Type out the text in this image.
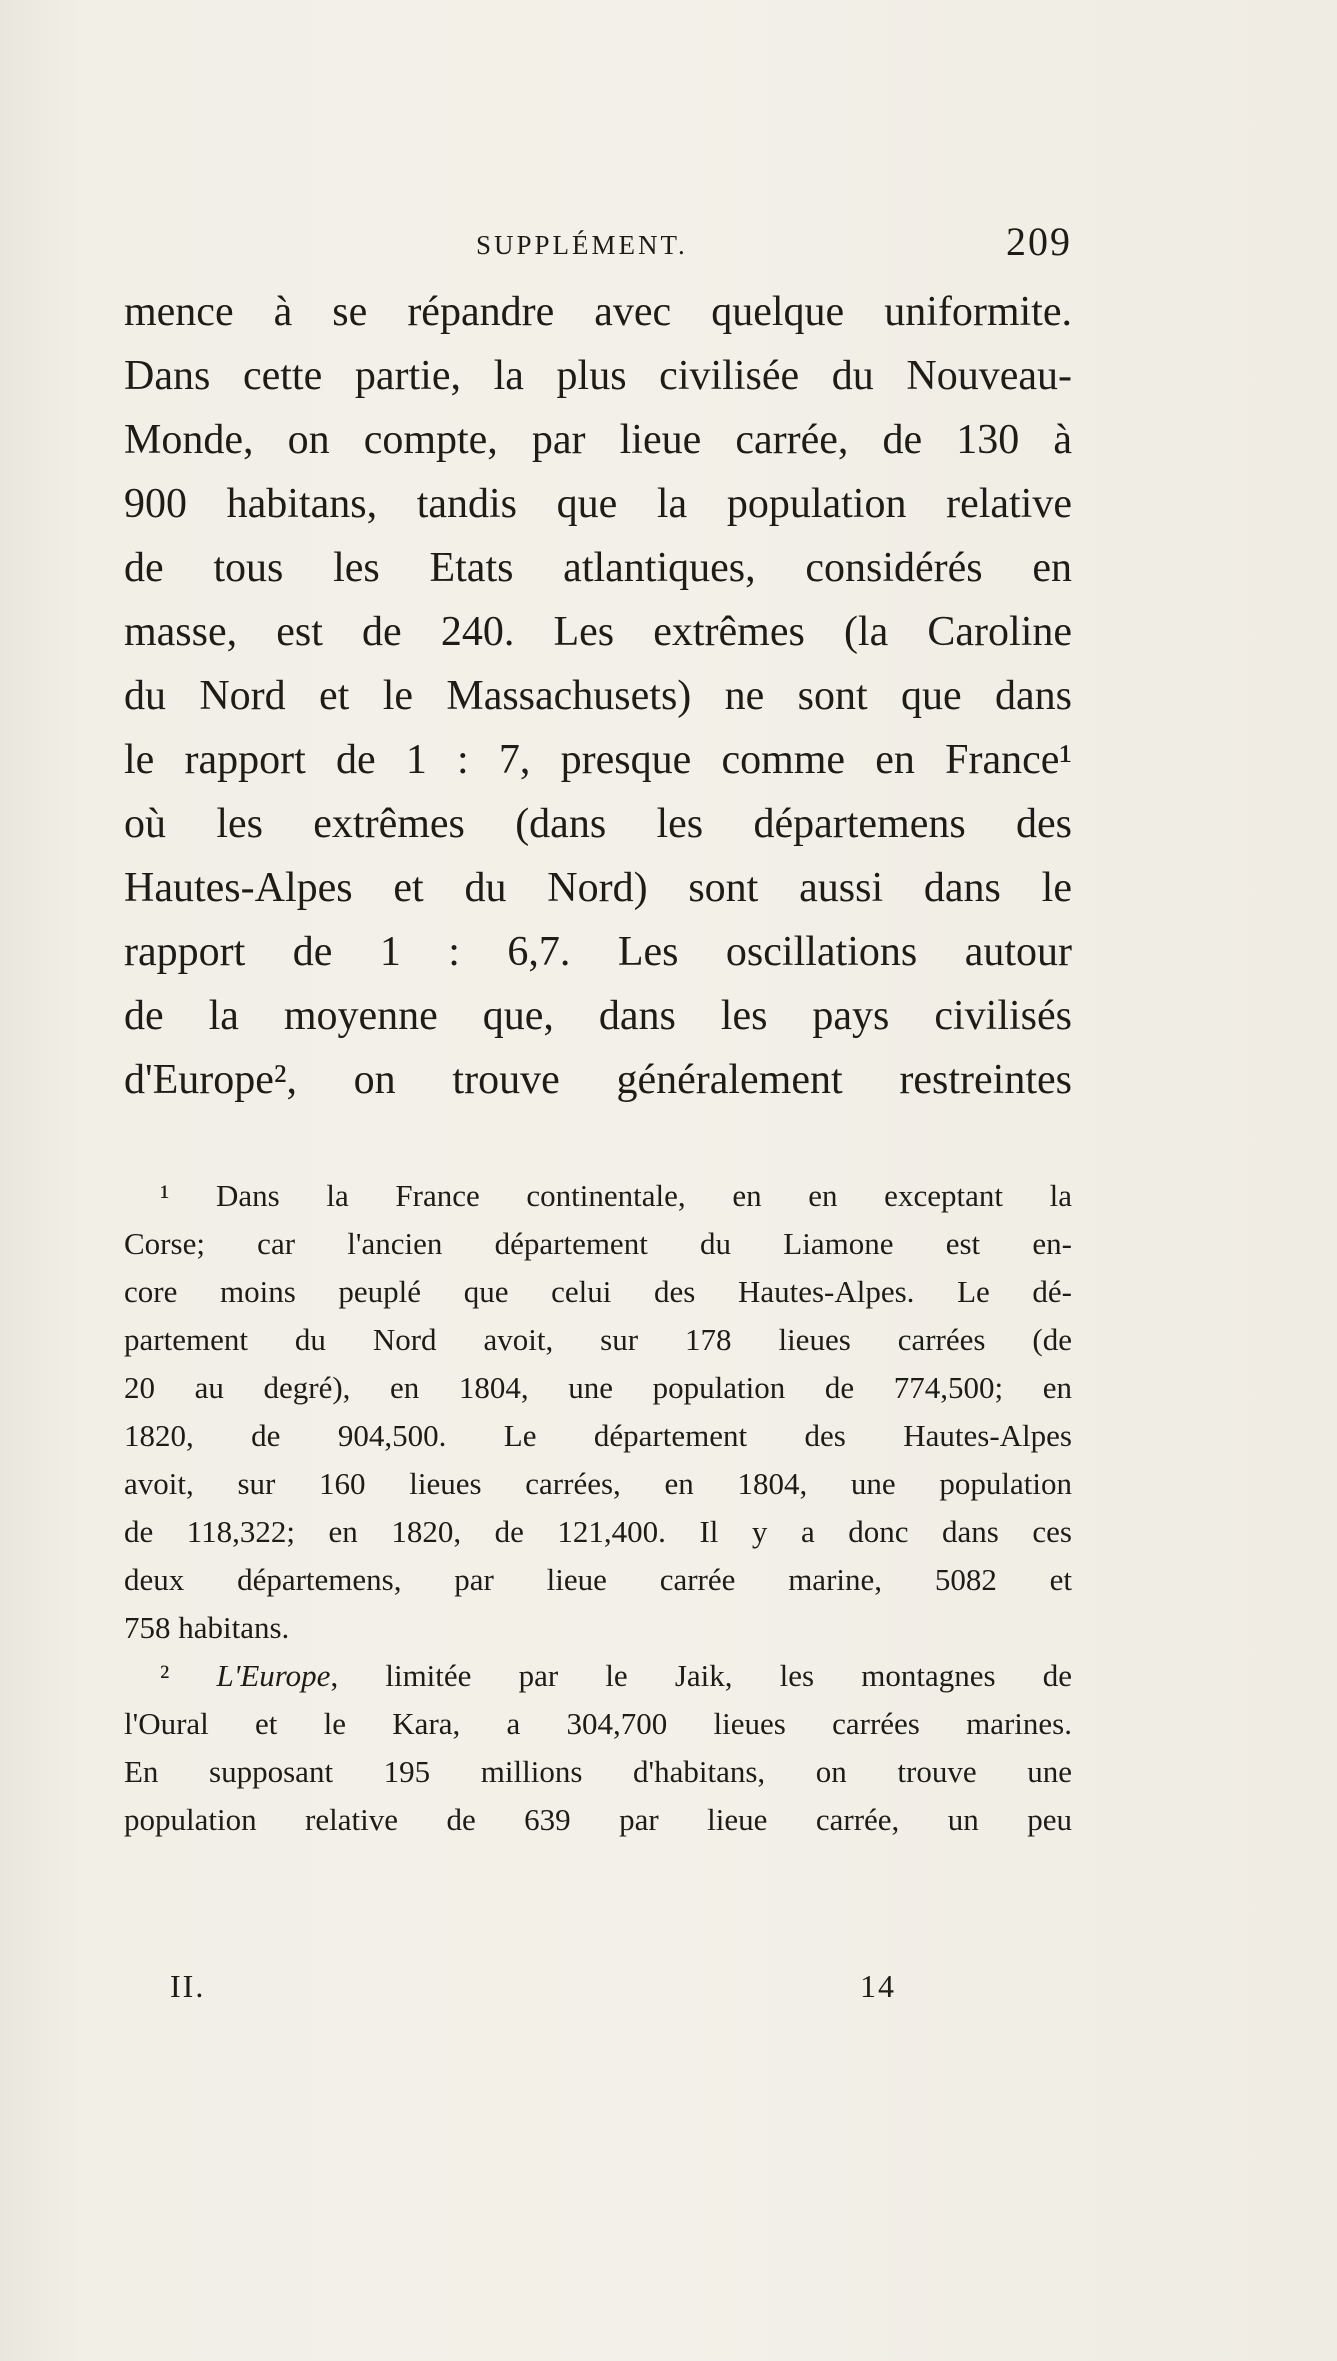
SUPPLÉMENT.	209
mence à se répandre avec quelque uniformite.
Dans cette partie, la plus civilisée du Nouveau-
Monde, on compte, par lieue carrée, de 130 à
900 habitans, tandis que la population relative
de tous les Etats atlantiques, considérés en
masse, est de 240. Les extrêmes (la Caroline
du Nord et le Massachusets) ne sont que dans
le rapport de 1 : 7, presque comme en France¹
où les extrêmes (dans les départemens des
Hautes-Alpes et du Nord) sont aussi dans le
rapport de 1 : 6,7. Les oscillations autour
de la moyenne que, dans les pays civilisés
d'Europe², on trouve généralement restreintes
¹ Dans la France continentale, en en exceptant la
Corse; car l'ancien département du Liamone est en-
core moins peuplé que celui des Hautes-Alpes. Le dé-
partement du Nord avoit, sur 178 lieues carrées (de
20 au degré), en 1804, une population de 774,500; en
1820, de 904,500. Le département des Hautes-Alpes
avoit, sur 160 lieues carrées, en 1804, une population
de 118,322; en 1820, de 121,400. Il y a donc dans ces
deux départemens, par lieue carrée marine, 5082 et
758 habitans.
² L'Europe, limitée par le Jaik, les montagnes de
l'Oural et le Kara, a 304,700 lieues carrées marines.
En supposant 195 millions d'habitans, on trouve une
population relative de 639 par lieue carrée, un peu
II.	14
